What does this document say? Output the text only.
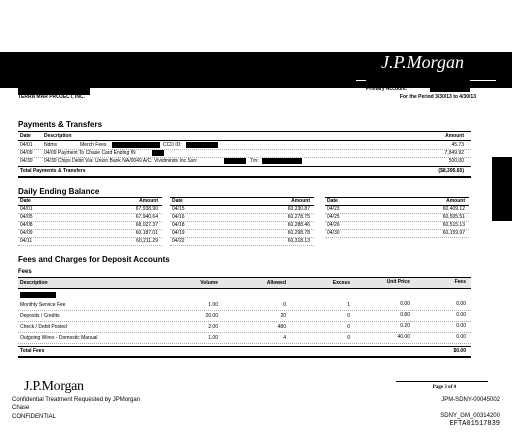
J.P.Morgan
TERRA MAR PROJECT, INC.
Primary Account:
For the Period 3/30/13 to 4/30/13
Payments & Transfers
Date	Description	Amount
04/01 Ndms	Merch Fees	CCD ID:	45.73
04/09 04/09 Payment To Chase Card Ending IN	7,849.92
04/30 04/30 Chips Debit Via: Union Bank NA/0049 A/C: Vividminds Inc Ssn:	Trn:	500.00
Total Payments & Transfers	($8,395.65)
Daily Ending Balance
Date	Amount
04/01	67,938.90
04/05	67,940.64
04/08	68,027.37
04/09	60,187.01
04/11	60,211.29
Date	Amount
04/15	60,230.87
04/16	60,278.75
04/18	60,288.46
04/19	60,298.78
04/22	60,318.13
Date	Amount
04/23	60,409.12
04/25	60,505.51
04/26	60,515.13
04/30	60,159.97
Fees and Charges for Deposit Accounts
Fees
Description	Volume	Allowed	Excess	Unit Price	Fees
Monthly Service Fee	1.00	0	1	0.00	0.00
Deposits / Credits	20.00	20	0	0.80	0.00
Check / Debit Posted	2.00	480	0	0.20	0.00
Outgoing Wires - Domestic Manual	1.00	4	0	40.00	0.00
Total Fees	$0.00
J.P.Morgan
Confidential Treatment Requested by JPMorgan
Chase
CONFIDENTIAL
Page 3 of 4
JPM-SDNY-00045002
SDNY_GM_00314200
EFTA01517839
